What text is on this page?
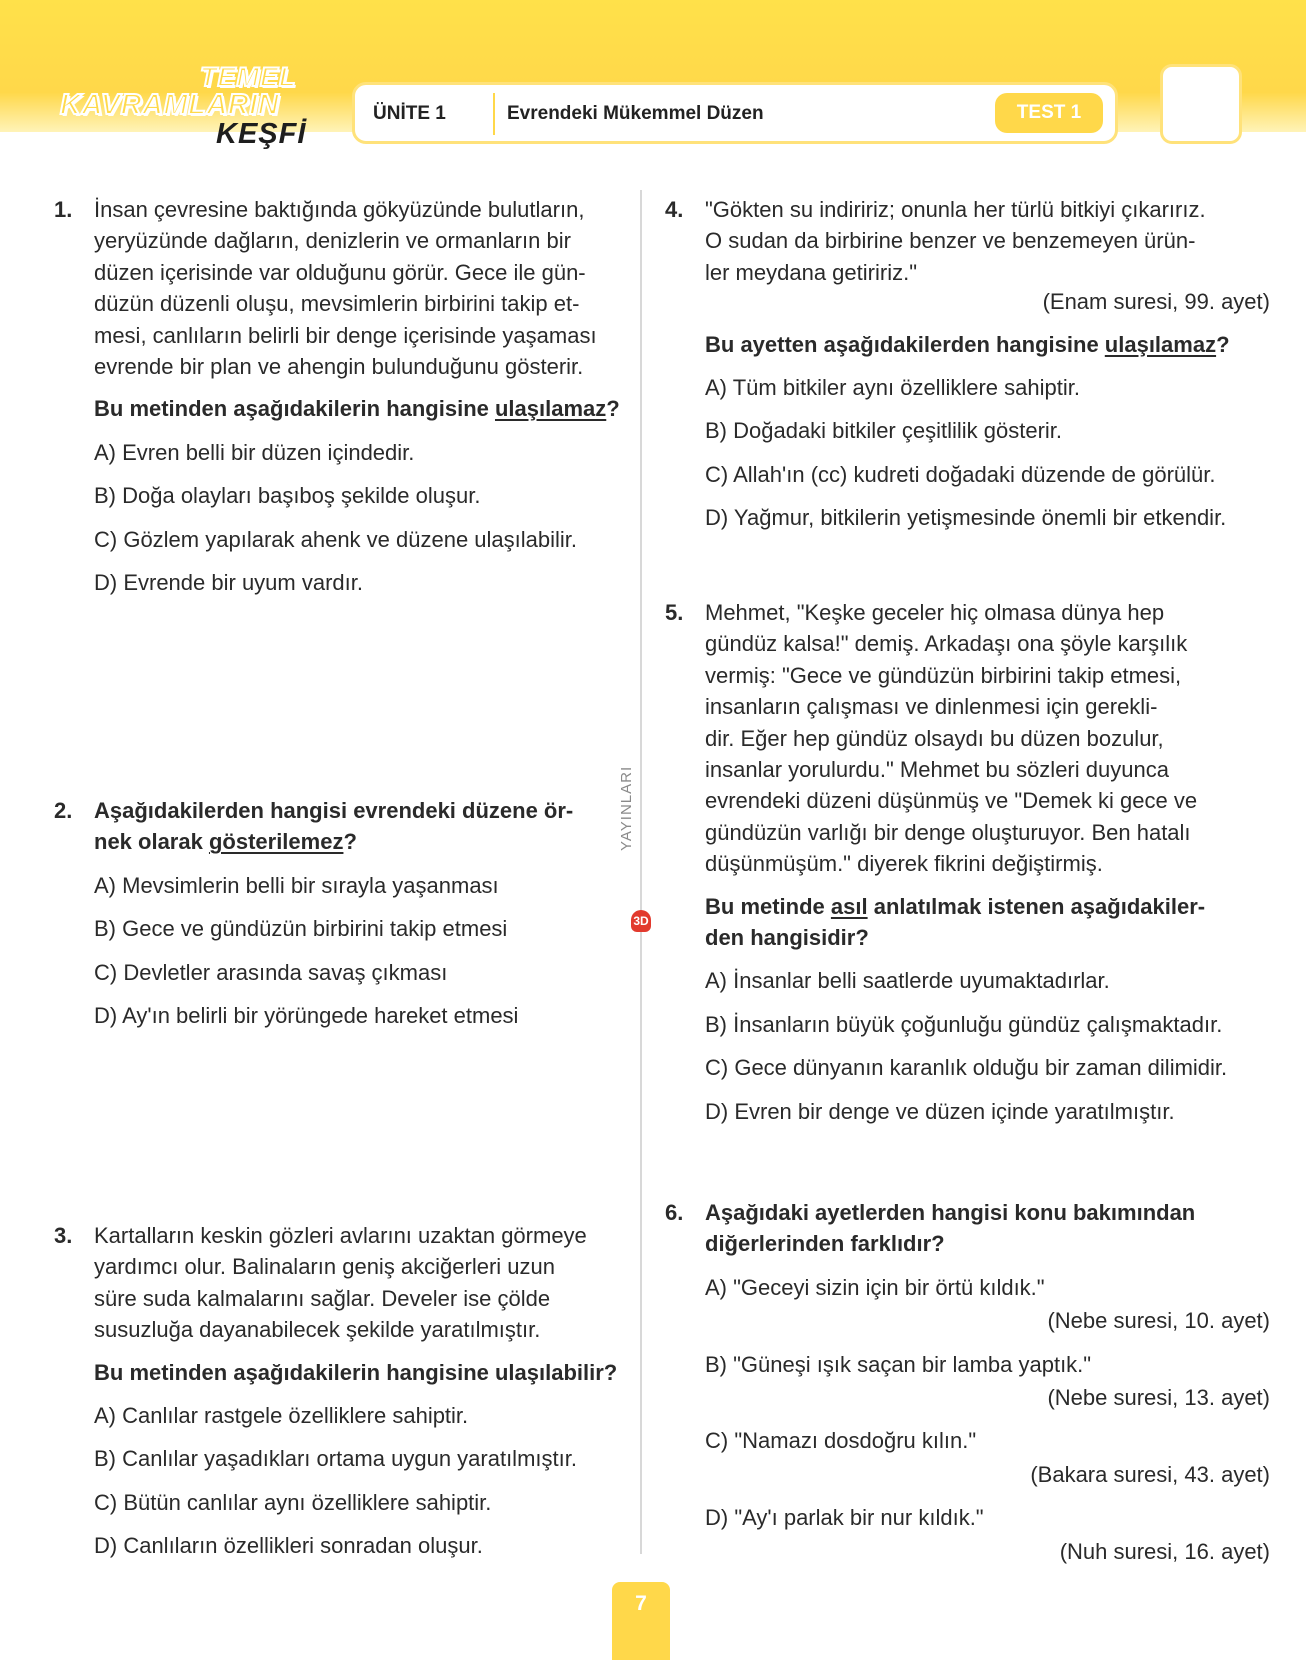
TEMEL
KAVRAMLARIN
KEŞFİ
ÜNİTE 1	Evrendeki Mükemmel Düzen	TEST 1
YAYINLARI
3D
1. İnsan çevresine baktığında gökyüzünde bulutların,

yeryüzünde dağların, denizlerin ve ormanların bir

düzen içerisinde var olduğunu görür. Gece ile gün-

düzün düzenli oluşu, mevsimlerin birbirini takip et-

mesi, canlıların belirli bir denge içerisinde yaşaması

evrende bir plan ve ahengin bulunduğunu gösterir.

Bu metinden aşağıdakilerin hangisine ulaşılamaz?

A) Evren belli bir düzen içindedir.

B) Doğa olayları başıboş şekilde oluşur.

C) Gözlem yapılarak ahenk ve düzene ulaşılabilir.

D) Evrende bir uyum vardır.

2. Aşağıdakilerden hangisi evrendeki düzene ör-

nek olarak gösterilemez?

A) Mevsimlerin belli bir sırayla yaşanması

B) Gece ve gündüzün birbirini takip etmesi

C) Devletler arasında savaş çıkması

D) Ay'ın belirli bir yörüngede hareket etmesi

3. Kartalların keskin gözleri avlarını uzaktan görmeye

yardımcı olur. Balinaların geniş akciğerleri uzun

süre suda kalmalarını sağlar. Develer ise çölde

susuzluğa dayanabilecek şekilde yaratılmıştır.

Bu metinden aşağıdakilerin hangisine ulaşılabilir?

A) Canlılar rastgele özelliklere sahiptir.

B) Canlılar yaşadıkları ortama uygun yaratılmıştır.

C) Bütün canlılar aynı özelliklere sahiptir.

D) Canlıların özellikleri sonradan oluşur.

4. "Gökten su indiririz; onunla her türlü bitkiyi çıkarırız.

O sudan da birbirine benzer ve benzemeyen ürün-

ler meydana getiririz."

(Enam suresi, 99. ayet)

Bu ayetten aşağıdakilerden hangisine ulaşılamaz?

A) Tüm bitkiler aynı özelliklere sahiptir.

B) Doğadaki bitkiler çeşitlilik gösterir.

C) Allah'ın (cc) kudreti doğadaki düzende de görülür.

D) Yağmur, bitkilerin yetişmesinde önemli bir etkendir.

5. Mehmet, "Keşke geceler hiç olmasa dünya hep

gündüz kalsa!" demiş. Arkadaşı ona şöyle karşılık

vermiş: "Gece ve gündüzün birbirini takip etmesi,

insanların çalışması ve dinlenmesi için gerekli-

dir. Eğer hep gündüz olsaydı bu düzen bozulur,

insanlar yorulurdu." Mehmet bu sözleri duyunca

evrendeki düzeni düşünmüş ve "Demek ki gece ve

gündüzün varlığı bir denge oluşturuyor. Ben hatalı

düşünmüşüm." diyerek fikrini değiştirmiş.

Bu metinde asıl anlatılmak istenen aşağıdakiler-

den hangisidir?

A) İnsanlar belli saatlerde uyumaktadırlar.

B) İnsanların büyük çoğunluğu gündüz çalışmaktadır.

C) Gece dünyanın karanlık olduğu bir zaman dilimidir.

D) Evren bir denge ve düzen içinde yaratılmıştır.

6. Aşağıdaki ayetlerden hangisi konu bakımından

diğerlerinden farklıdır?

A) "Geceyi sizin için bir örtü kıldık."

(Nebe suresi, 10. ayet)

B) "Güneşi ışık saçan bir lamba yaptık."

(Nebe suresi, 13. ayet)

C) "Namazı dosdoğru kılın."

(Bakara suresi, 43. ayet)

D) "Ay'ı parlak bir nur kıldık."

(Nuh suresi, 16. ayet)

7
